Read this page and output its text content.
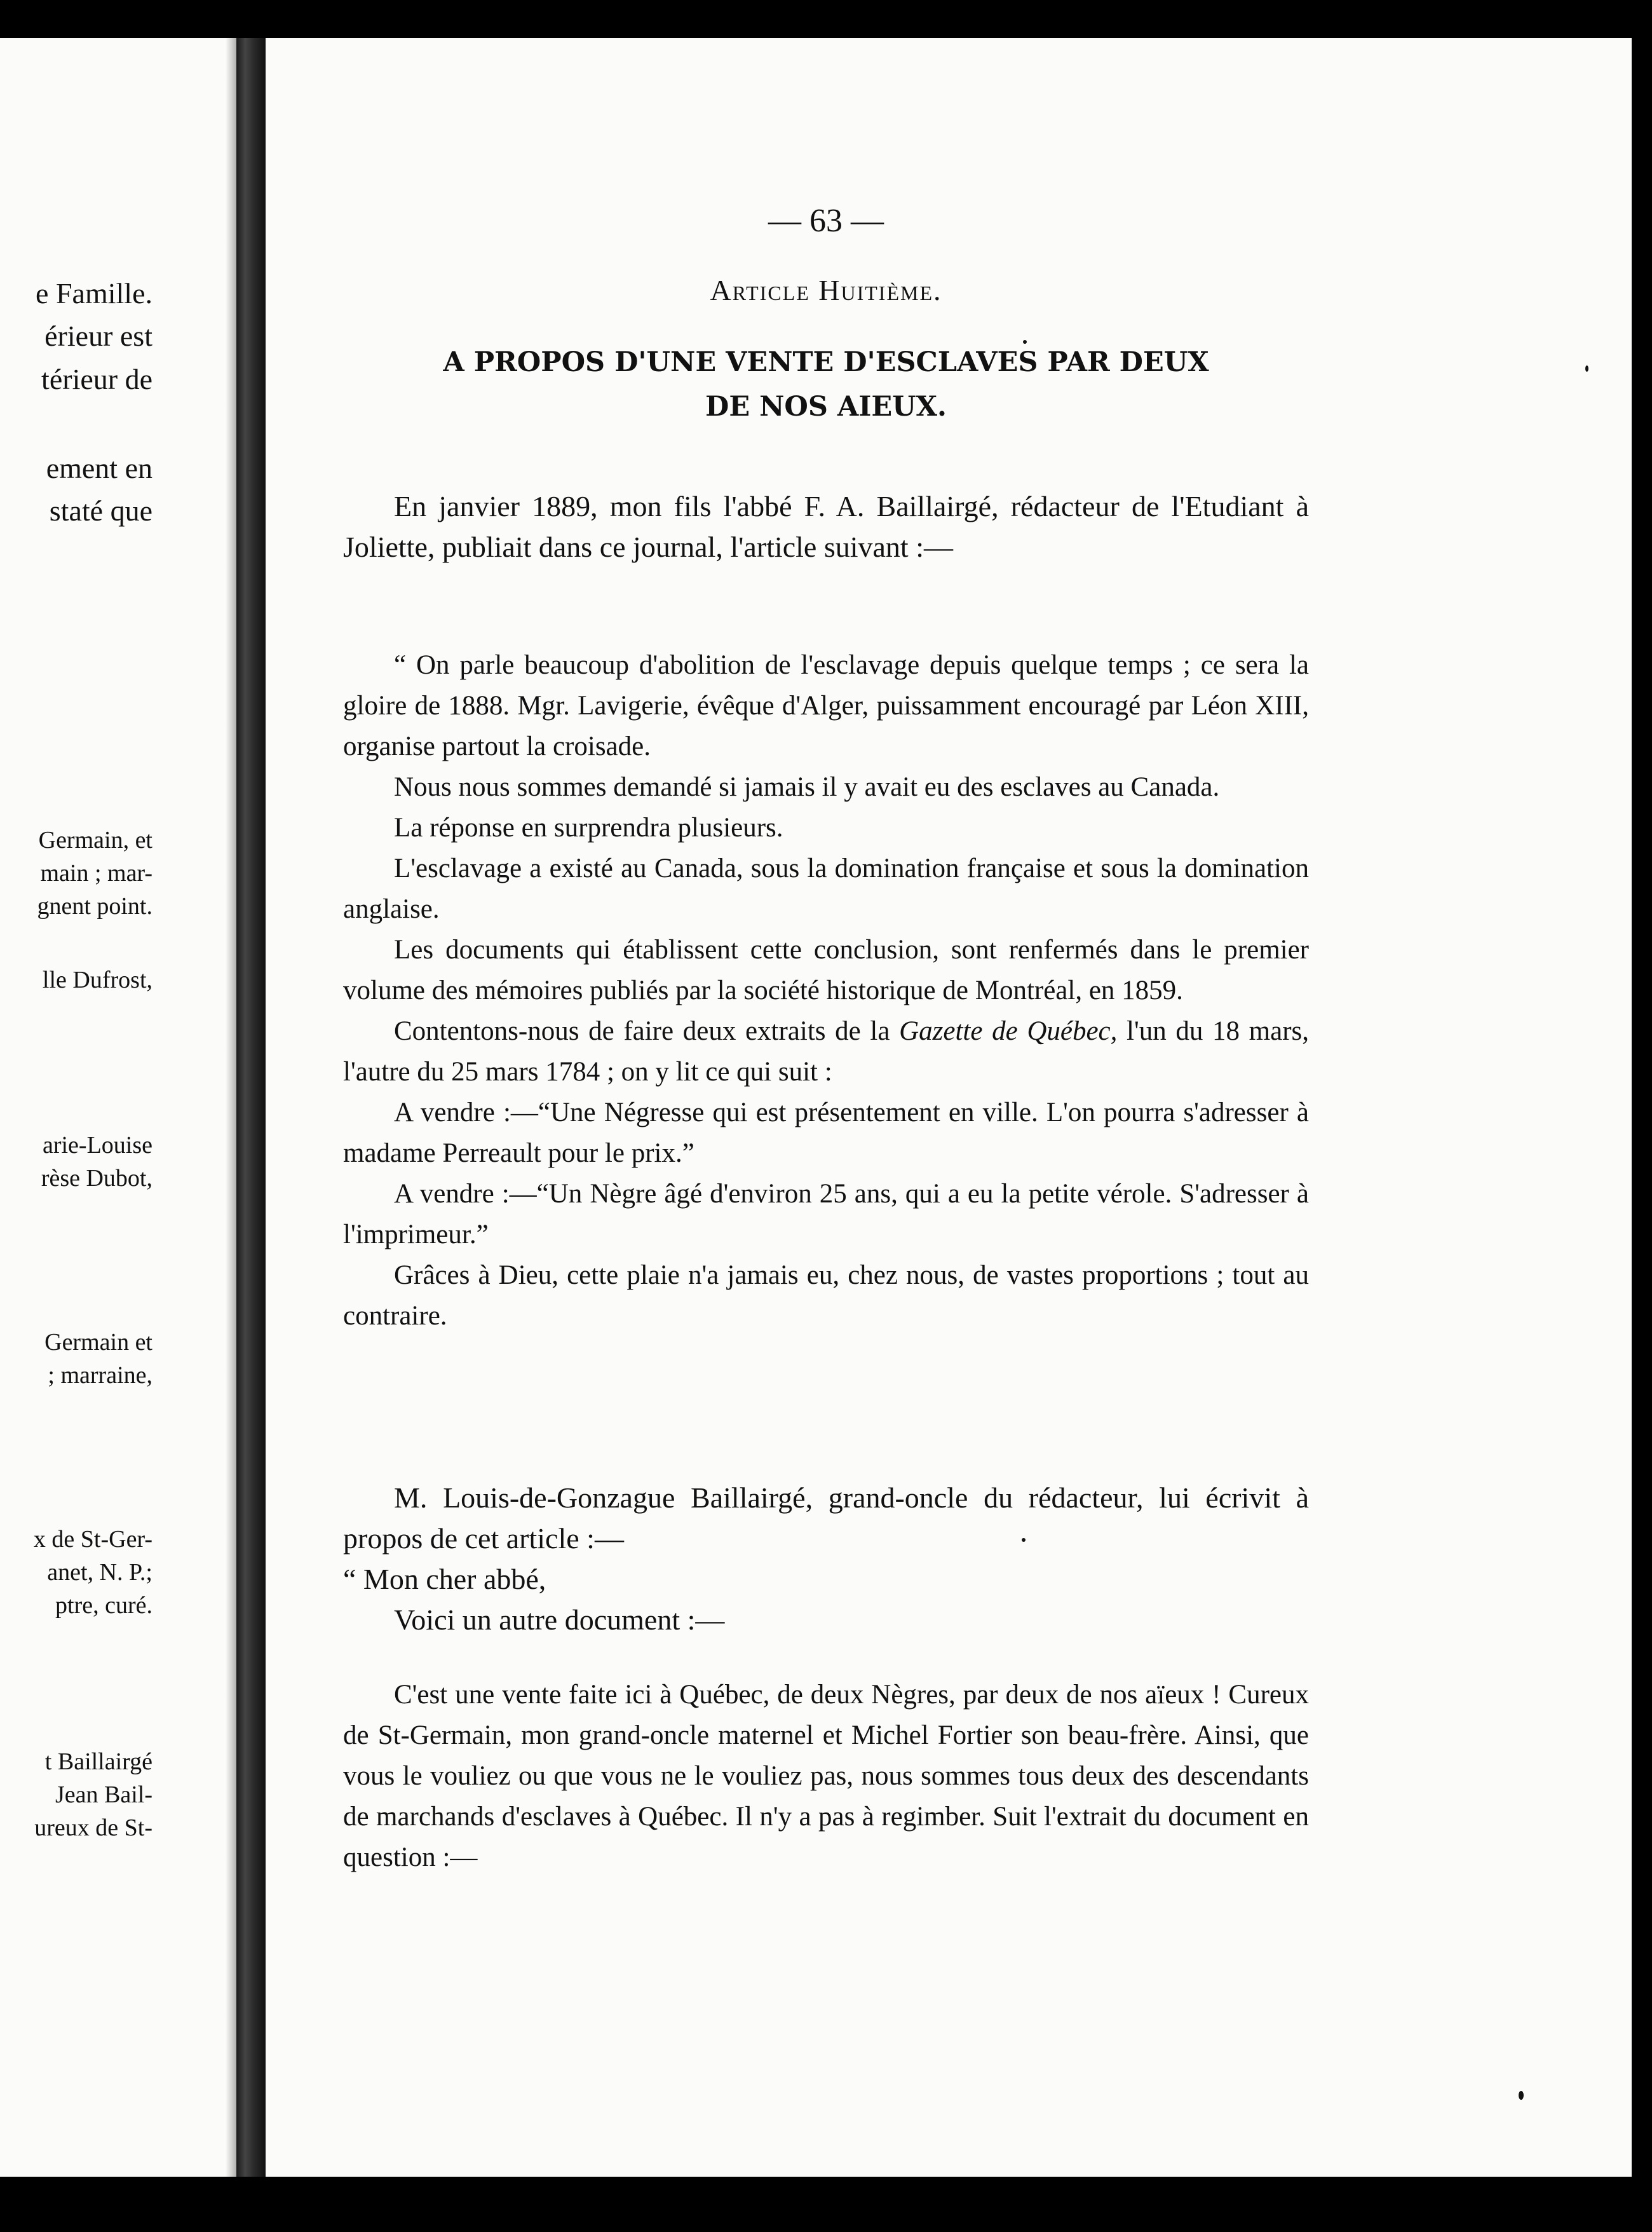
e Famille.
érieur est
térieur de
ement en
staté que
Germain, et
main ; mar-
gnent point.
lle Dufrost,
arie-Louise
rèse Dubot,
Germain et
; marraine,
x de St-Ger-
anet, N. P.;
ptre, curé.
t Baillairgé
Jean Bail-
ureux de St-
— 63 —
Article Huitième.
A PROPOS D'UNE VENTE D'ESCLAVES PAR DEUX
DE NOS AIEUX.

En janvier 1889, mon fils l'abbé F. A. Baillairgé, rédacteur de l'Etudiant à Joliette, publiait dans ce journal, l'article suivant :—

“ On parle beaucoup d'abolition de l'esclavage depuis quelque temps ; ce sera la gloire de 1888. Mgr. Lavigerie, évêque d'Alger, puissamment encouragé par Léon XIII, organise partout la croisade.

Nous nous sommes demandé si jamais il y avait eu des esclaves au Canada.

La réponse en surprendra plusieurs.

L'esclavage a existé au Canada, sous la domination française et sous la domination anglaise.

Les documents qui établissent cette conclusion, sont renfermés dans le premier volume des mémoires publiés par la société historique de Montréal, en 1859.

Contentons-nous de faire deux extraits de la Gazette de Québec, l'un du 18 mars, l'autre du 25 mars 1784 ; on y lit ce qui suit :

A vendre :—“Une Négresse qui est présentement en ville. L'on pourra s'adresser à madame Perreault pour le prix.”

A vendre :—“Un Nègre âgé d'environ 25 ans, qui a eu la petite vérole. S'adresser à l'imprimeur.”

Grâces à Dieu, cette plaie n'a jamais eu, chez nous, de vastes proportions ; tout au contraire.

M. Louis-de-Gonzague Baillairgé, grand-oncle du rédacteur, lui écrivit à propos de cet article :—

“ Mon cher abbé,

Voici un autre document :—

C'est une vente faite ici à Québec, de deux Nègres, par deux de nos aïeux ! Cureux de St-Germain, mon grand-oncle maternel et Michel Fortier son beau-frère. Ainsi, que vous le vouliez ou que vous ne le vouliez pas, nous sommes tous deux des descendants de marchands d'esclaves à Québec. Il n'y a pas à regimber. Suit l'extrait du document en question :—
